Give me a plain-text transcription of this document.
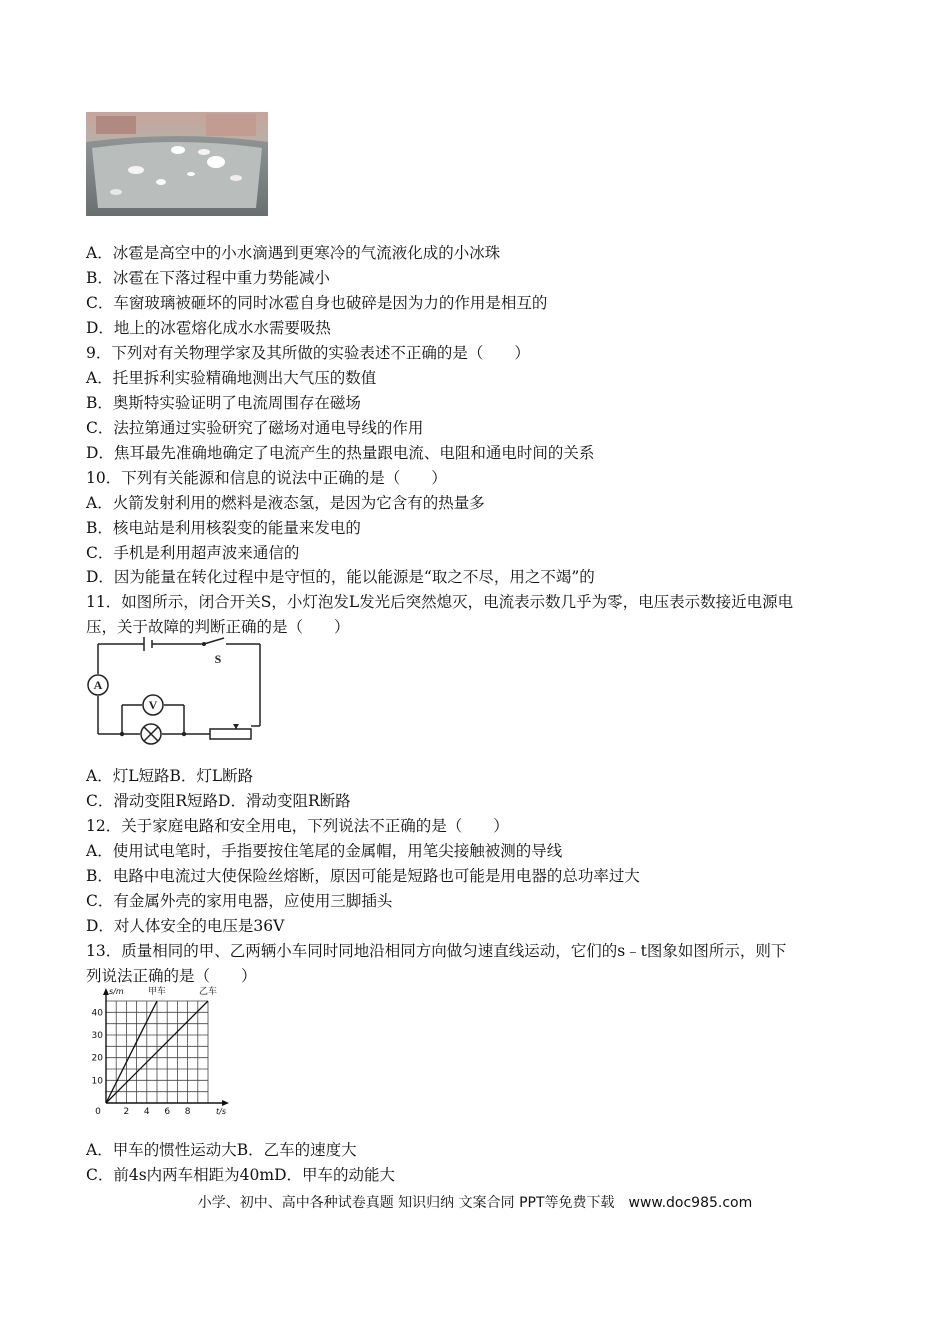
A．冰雹是高空中的小水滴遇到更寒冷的气流液化成的小冰珠
B．冰雹在下落过程中重力势能减小
C．车窗玻璃被砸坏的同时冰雹自身也破碎是因为力的作用是相互的
D．地上的冰雹熔化成水水需要吸热
9．下列对有关物理学家及其所做的实验表述不正确的是（　　）
A．托里拆利实验精确地测出大气压的数值
B．奥斯特实验证明了电流周围存在磁场
C．法拉第通过实验研究了磁场对通电导线的作用
D．焦耳最先准确地确定了电流产生的热量跟电流、电阻和通电时间的关系
10．下列有关能源和信息的说法中正确的是（　　）
A．火箭发射利用的燃料是液态氢，是因为它含有的热量多
B．核电站是利用核裂变的能量来发电的
C．手机是利用超声波来通信的
D．因为能量在转化过程中是守恒的，能以能源是“取之不尽，用之不竭”的
11．如图所示，闭合开关S，小灯泡发L发光后突然熄灭，电流表示数几乎为零，电压表示数接近电源电
压，关于故障的判断正确的是（　　）
A
V
S
A．灯L短路B．灯L断路
C．滑动变阻R短路D．滑动变阻R断路
12．关于家庭电路和安全用电，下列说法不正确的是（　　）
A．使用试电笔时，手指要按住笔尾的金属帽，用笔尖接触被测的导线
B．电路中电流过大使保险丝熔断，原因可能是短路也可能是用电器的总功率过大
C．有金属外壳的家用电器，应使用三脚插头
D．对人体安全的电压是36V
13．质量相同的甲、乙两辆小车同时同地沿相同方向做匀速直线运动，它们的s﹣t图象如图所示，则下
列说法正确的是（　　）
甲车	乙车
0	2 4 6 8
10
20
30
40
s/m
t/s
A．甲车的惯性运动大B．乙车的速度大
C．前4s内两车相距为40mD．甲车的动能大
小学、初中、高中各种试卷真题 知识归纳 文案合同 PPT等免费下载　www.doc985.com
